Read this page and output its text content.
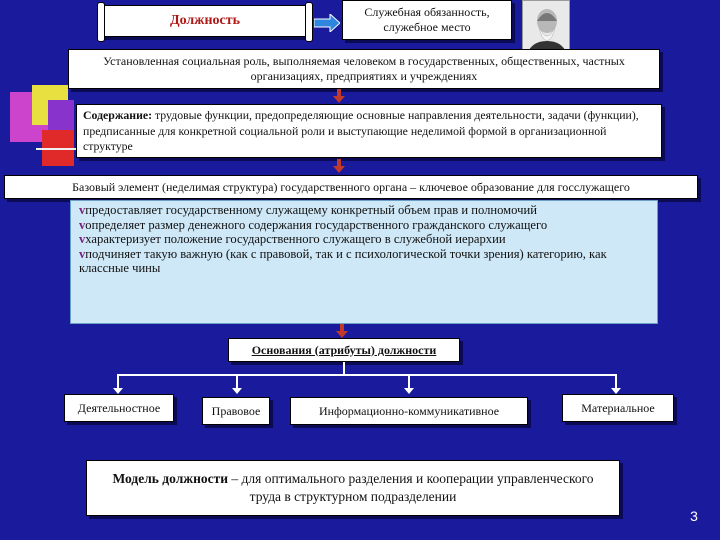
Должность
Служебная обязанность, служебное место
Установленная социальная роль, выполняемая человеком в государственных, общественных, частных организациях, предприятиях и учреждениях
Содержание: трудовые функции, предопределяющие основные направления деятельности, задачи (функции), предписанные для конкретной социальной роли и выступающие неделимой формой в организационной структуре
Базовый элемент (неделимая структура) государственного органа – ключевое образование для госслужащего

vпредоставляет государственному служащему конкретный объем прав и полномочий

vопределяет размер денежного содержания государственного гражданского служащего

vхарактеризует положение государственного служащего в служебной иерархии

vподчиняет такую важную (как с правовой, так и с психологической точки зрения) категорию, как классные чины

Основания (атрибуты) должности
Деятельностное	Правовое	Информационно-коммуникативное	Материальное
Модель должности – для оптимального разделения и кооперации управленческого труда в структурном подразделении
3
